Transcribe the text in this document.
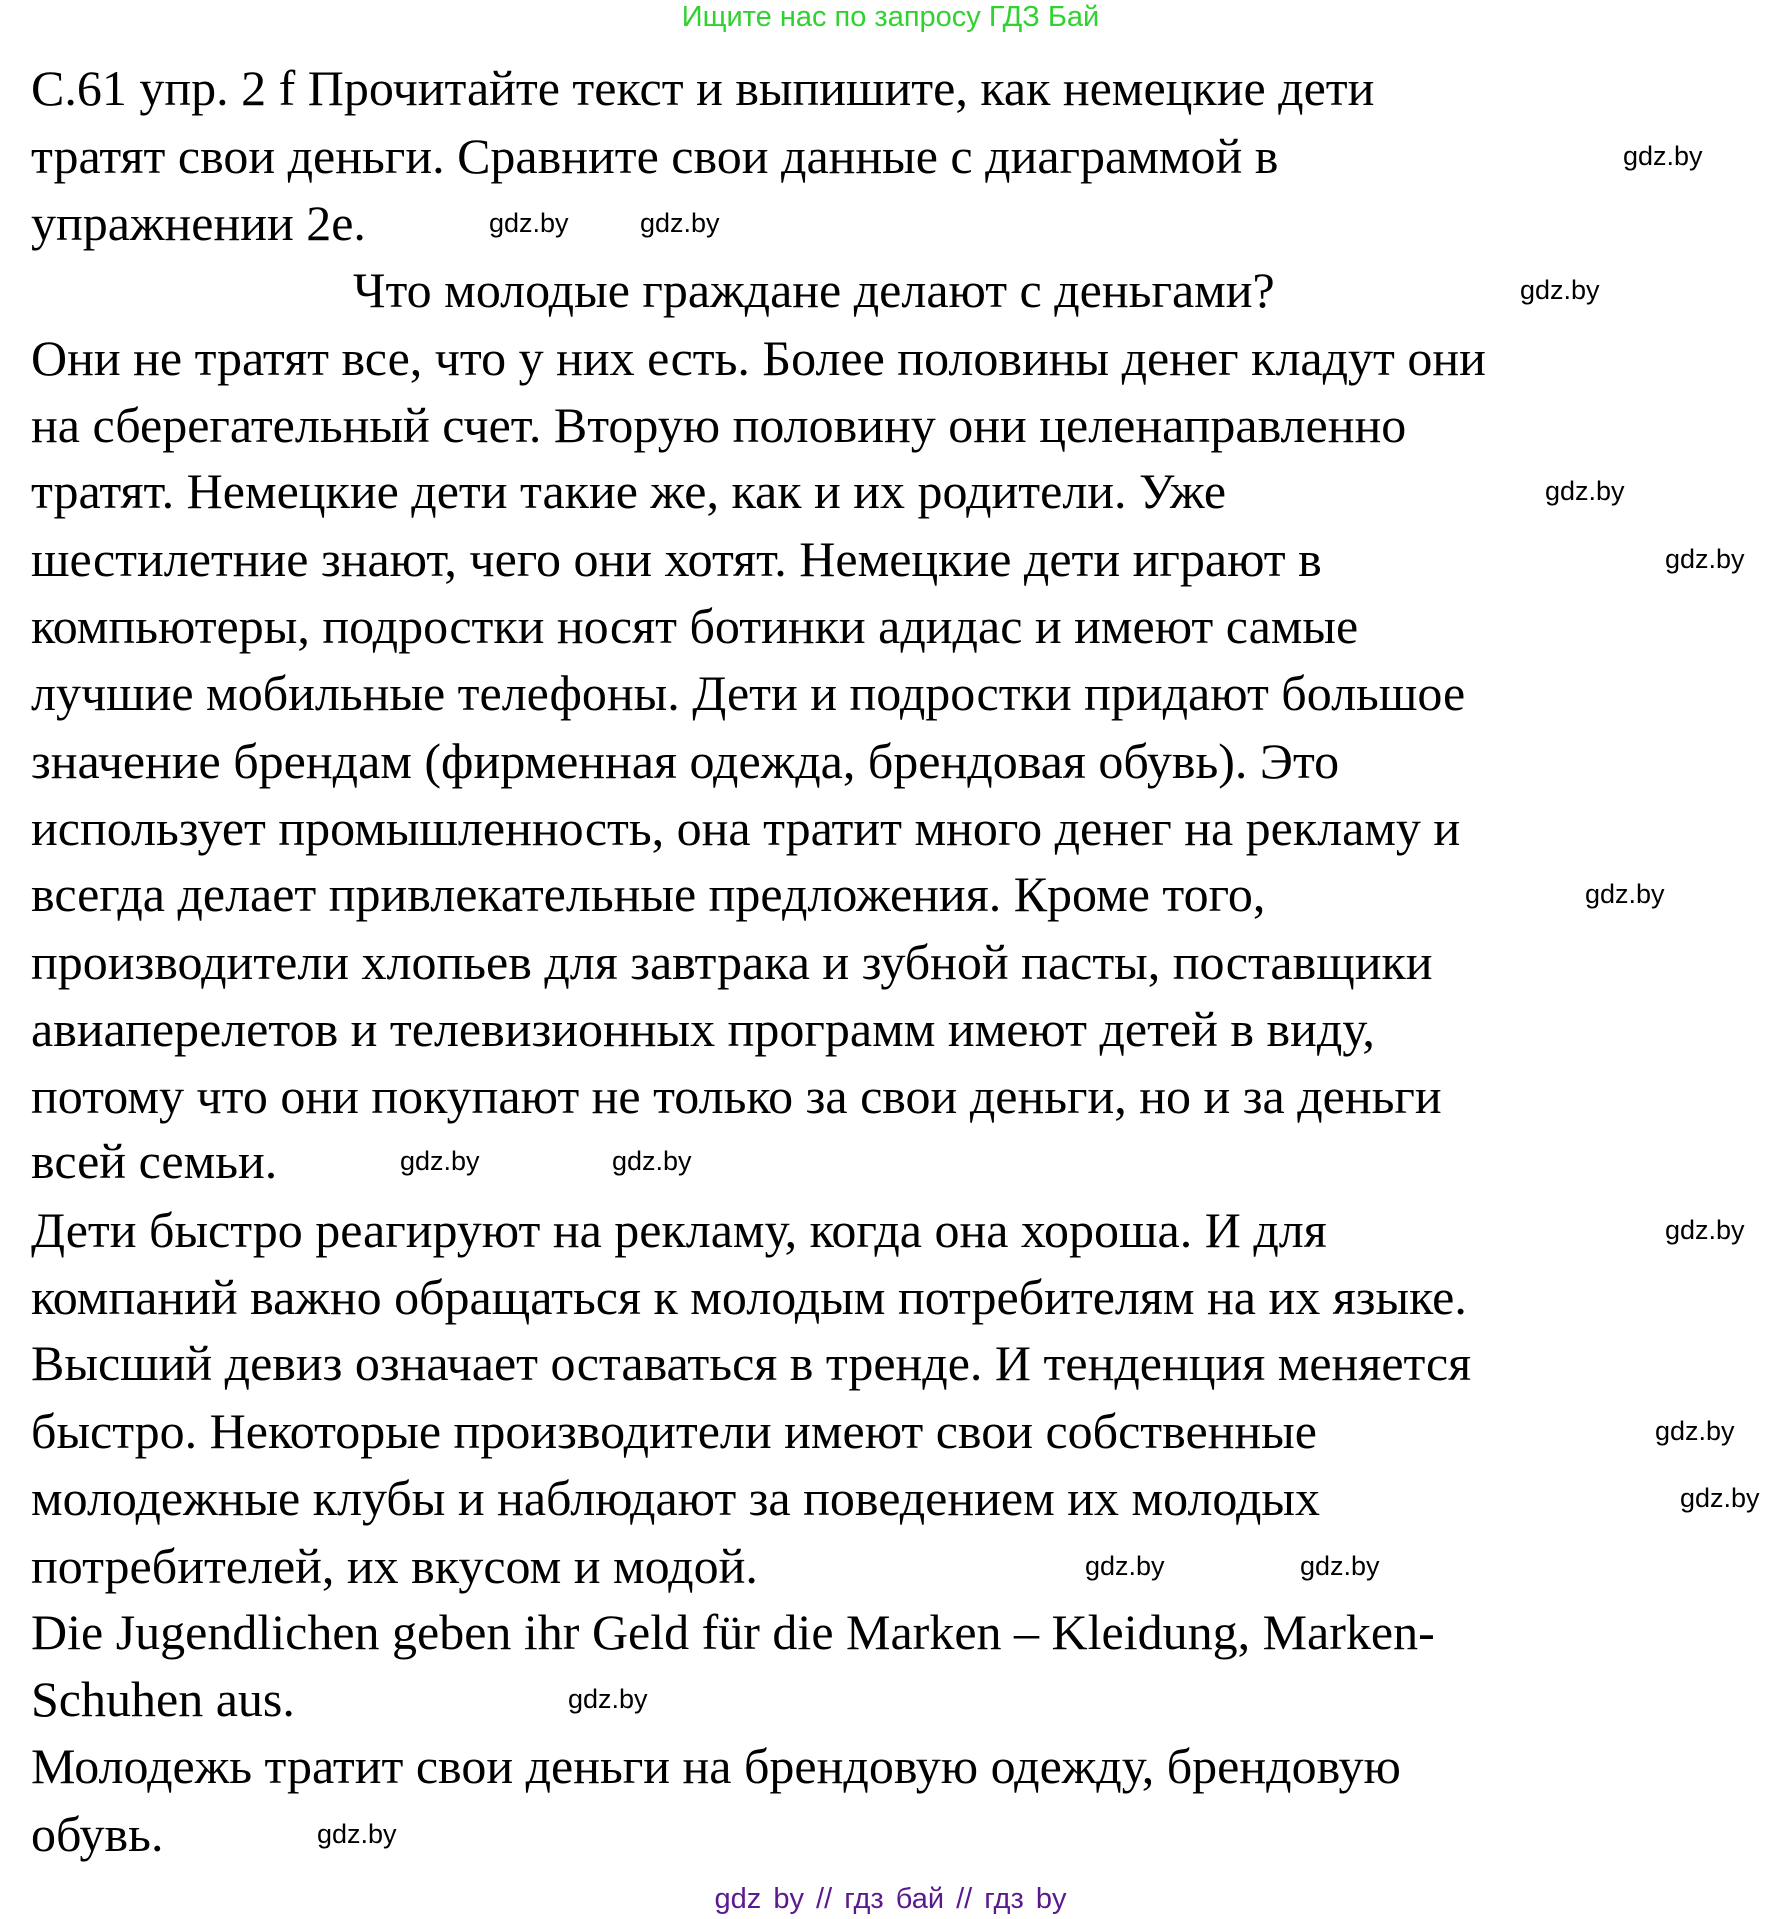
Ищите нас по запросу ГДЗ Бай
С.61 упр. 2 f Прочитайте текст и выпишите, как немецкие дети
тратят свои деньги. Сравните свои данные с диаграммой в
упражнении 2е.
Что молодые граждане делают с деньгами?
Они не тратят все, что у них есть. Более половины денег кладут они
на сберегательный счет. Вторую половину они целенаправленно
тратят. Немецкие дети такие же, как и их родители. Уже
шестилетние знают, чего они хотят. Немецкие дети играют в
компьютеры, подростки носят ботинки адидас и имеют самые
лучшие мобильные телефоны. Дети и подростки придают большое
значение брендам (фирменная одежда, брендовая обувь). Это
использует промышленность, она тратит много денег на рекламу и
всегда делает привлекательные предложения. Кроме того,
производители хлопьев для завтрака и зубной пасты, поставщики
авиаперелетов и телевизионных программ имеют детей в виду,
потому что они покупают не только за свои деньги, но и за деньги
всей семьи.
Дети быстро реагируют на рекламу, когда она хороша. И для
компаний важно обращаться к молодым потребителям на их языке.
Высший девиз означает оставаться в тренде. И тенденция меняется
быстро. Некоторые производители имеют свои собственные
молодежные клубы и наблюдают за поведением их молодых
потребителей, их вкусом и модой.
Die Jugendlichen geben ihr Geld für die Marken – Kleidung, Marken-
Schuhen aus.
Молодежь тратит свои деньги на брендовую одежду, брендовую
обувь.
gdz.by
gdz.by	gdz.by
gdz.by
gdz.by
gdz.by
gdz.by
gdz.by	gdz.by
gdz.by
gdz.by
gdz.by
gdz.by	gdz.by
gdz.by
gdz.by
gdz by // гдз бай // гдз by
